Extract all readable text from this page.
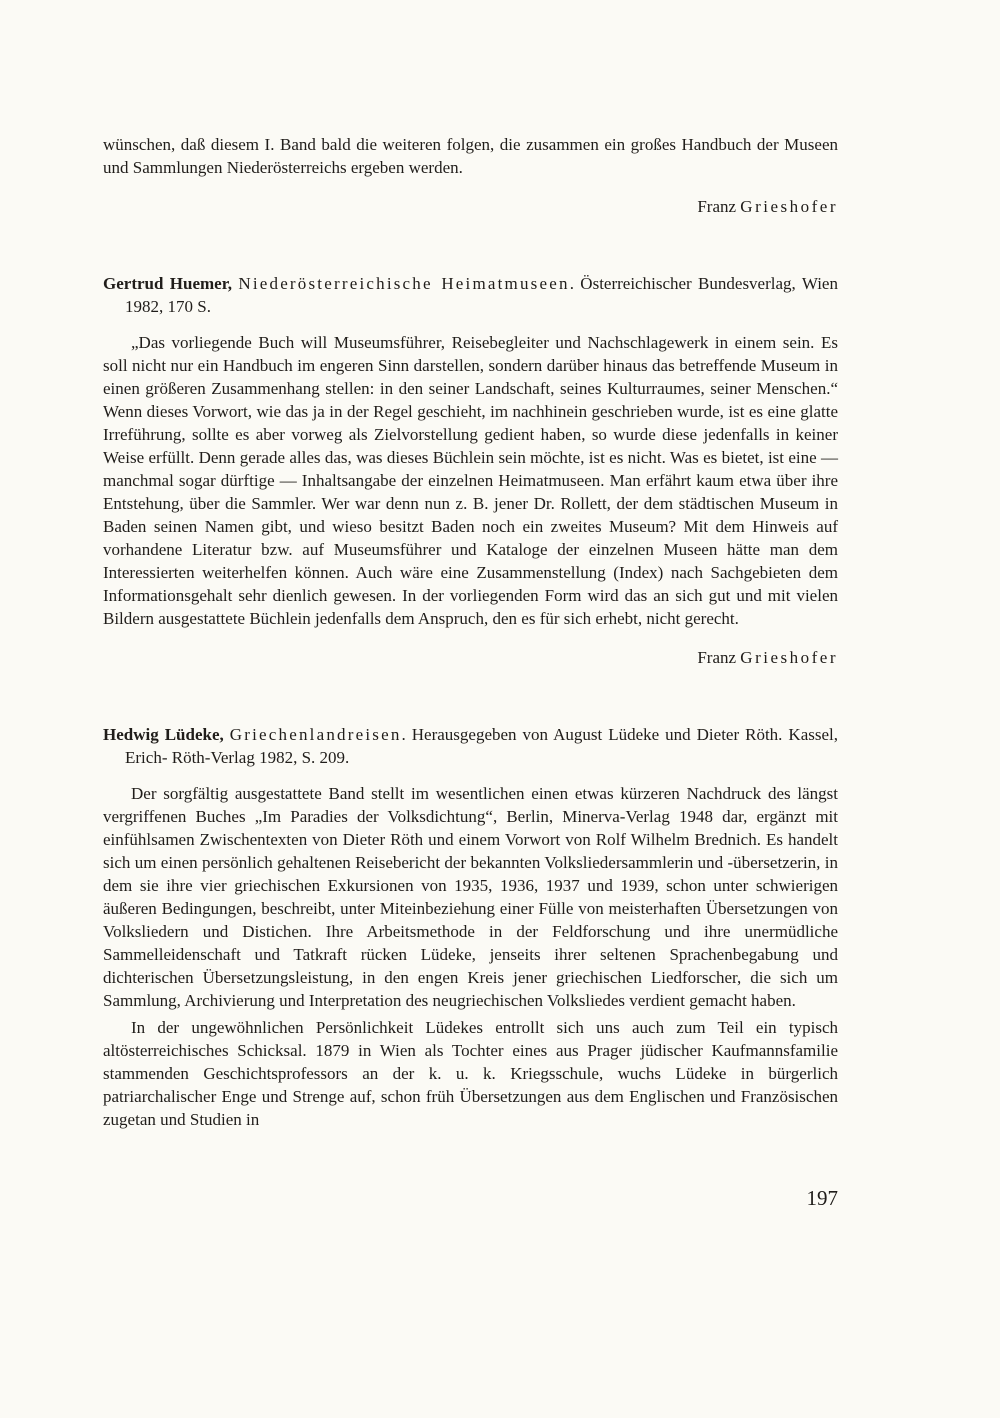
wünschen, daß diesem I. Band bald die weiteren folgen, die zusammen ein großes Handbuch der Museen und Sammlungen Niederösterreichs ergeben werden.

Franz Grieshofer

Gertrud Huemer, Niederösterreichische Heimatmuseen. Österreichischer Bundesverlag, Wien 1982, 170 S.

„Das vorliegende Buch will Museumsführer, Reisebegleiter und Nachschlagewerk in einem sein. Es soll nicht nur ein Handbuch im engeren Sinn darstellen, sondern darüber hinaus das betreffende Museum in einen größeren Zusammenhang stellen: in den seiner Landschaft, seines Kulturraumes, seiner Menschen.“ Wenn dieses Vorwort, wie das ja in der Regel geschieht, im nachhinein geschrieben wurde, ist es eine glatte Irreführung, sollte es aber vorweg als Zielvorstellung gedient haben, so wurde diese jedenfalls in keiner Weise erfüllt. Denn gerade alles das, was dieses Büchlein sein möchte, ist es nicht. Was es bietet, ist eine — manchmal sogar dürftige — Inhaltsangabe der einzelnen Heimatmuseen. Man erfährt kaum etwa über ihre Entstehung, über die Sammler. Wer war denn nun z. B. jener Dr. Rollett, der dem städtischen Museum in Baden seinen Namen gibt, und wieso besitzt Baden noch ein zweites Museum? Mit dem Hinweis auf vorhandene Literatur bzw. auf Museumsführer und Kataloge der einzelnen Museen hätte man dem Interessierten weiterhelfen können. Auch wäre eine Zusammenstellung (Index) nach Sachgebieten dem Informationsgehalt sehr dienlich gewesen. In der vorliegenden Form wird das an sich gut und mit vielen Bildern ausgestattete Büchlein jedenfalls dem Anspruch, den es für sich erhebt, nicht gerecht.

Franz Grieshofer

Hedwig Lüdeke, Griechenlandreisen. Herausgegeben von August Lüdeke und Dieter Röth. Kassel, Erich- Röth-Verlag 1982, S. 209.

Der sorgfältig ausgestattete Band stellt im wesentlichen einen etwas kürzeren Nachdruck des längst vergriffenen Buches „Im Paradies der Volksdichtung“, Berlin, Minerva-Verlag 1948 dar, ergänzt mit einfühlsamen Zwischentexten von Dieter Röth und einem Vorwort von Rolf Wilhelm Brednich. Es handelt sich um einen persönlich gehaltenen Reisebericht der bekannten Volksliedersammlerin und -übersetzerin, in dem sie ihre vier griechischen Exkursionen von 1935, 1936, 1937 und 1939, schon unter schwierigen äußeren Bedingungen, beschreibt, unter Miteinbeziehung einer Fülle von meisterhaften Übersetzungen von Volksliedern und Distichen. Ihre Arbeitsmethode in der Feldforschung und ihre unermüdliche Sammelleidenschaft und Tatkraft rücken Lüdeke, jenseits ihrer seltenen Sprachenbegabung und dichterischen Übersetzungsleistung, in den engen Kreis jener griechischen Liedforscher, die sich um Sammlung, Archivierung und Interpretation des neugriechischen Volksliedes verdient gemacht haben.

In der ungewöhnlichen Persönlichkeit Lüdekes entrollt sich uns auch zum Teil ein typisch altösterreichisches Schicksal. 1879 in Wien als Tochter eines aus Prager jüdischer Kaufmannsfamilie stammenden Geschichtsprofessors an der k. u. k. Kriegsschule, wuchs Lüdeke in bürgerlich patriarchalischer Enge und Strenge auf, schon früh Übersetzungen aus dem Englischen und Französischen zugetan und Studien in

197
